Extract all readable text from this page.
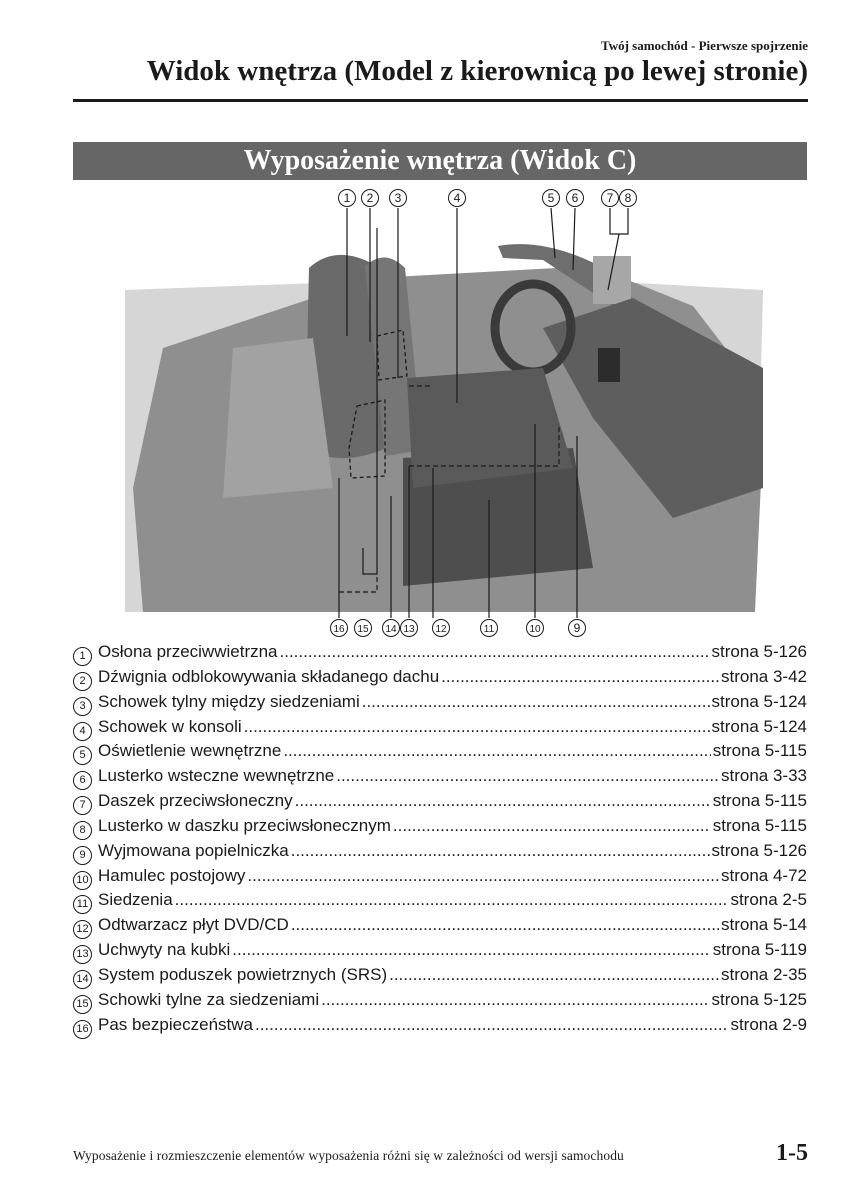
Twój samochód - Pierwsze spojrzenie
Widok wnętrza (Model z kierownicą po lewej stronie)
Wyposażenie wnętrza (Widok C)
1 2 3	4	5 6 7 8
16 15 14 13 12	11	10	9
1 Osłona przeciwwietrzna .....	strona 5-126
2 Dźwignia odblokowywania składanego dachu .....	strona 3-42
3 Schowek tylny między siedzeniami .....	strona 5-124
4 Schowek w konsoli .....	strona 5-124
5 Oświetlenie wewnętrzne .....	strona 5-115
6 Lusterko wsteczne wewnętrzne .....	strona 3-33
7 Daszek przeciwsłoneczny .....	strona 5-115
8 Lusterko w daszku przeciwsłonecznym .....	strona 5-115
9 Wyjmowana popielniczka .....	strona 5-126
10 Hamulec postojowy .....	strona 4-72
11 Siedzenia .....	strona 2-5
12 Odtwarzacz płyt DVD/CD .....	strona 5-14
13 Uchwyty na kubki .....	strona 5-119
14 System poduszek powietrznych (SRS) .....	strona 2-35
15 Schowki tylne za siedzeniami .....	strona 5-125
16 Pas bezpieczeństwa .....	strona 2-9
Wyposażenie i rozmieszczenie elementów wyposażenia różni się w zależności od wersji samochodu	1-5
